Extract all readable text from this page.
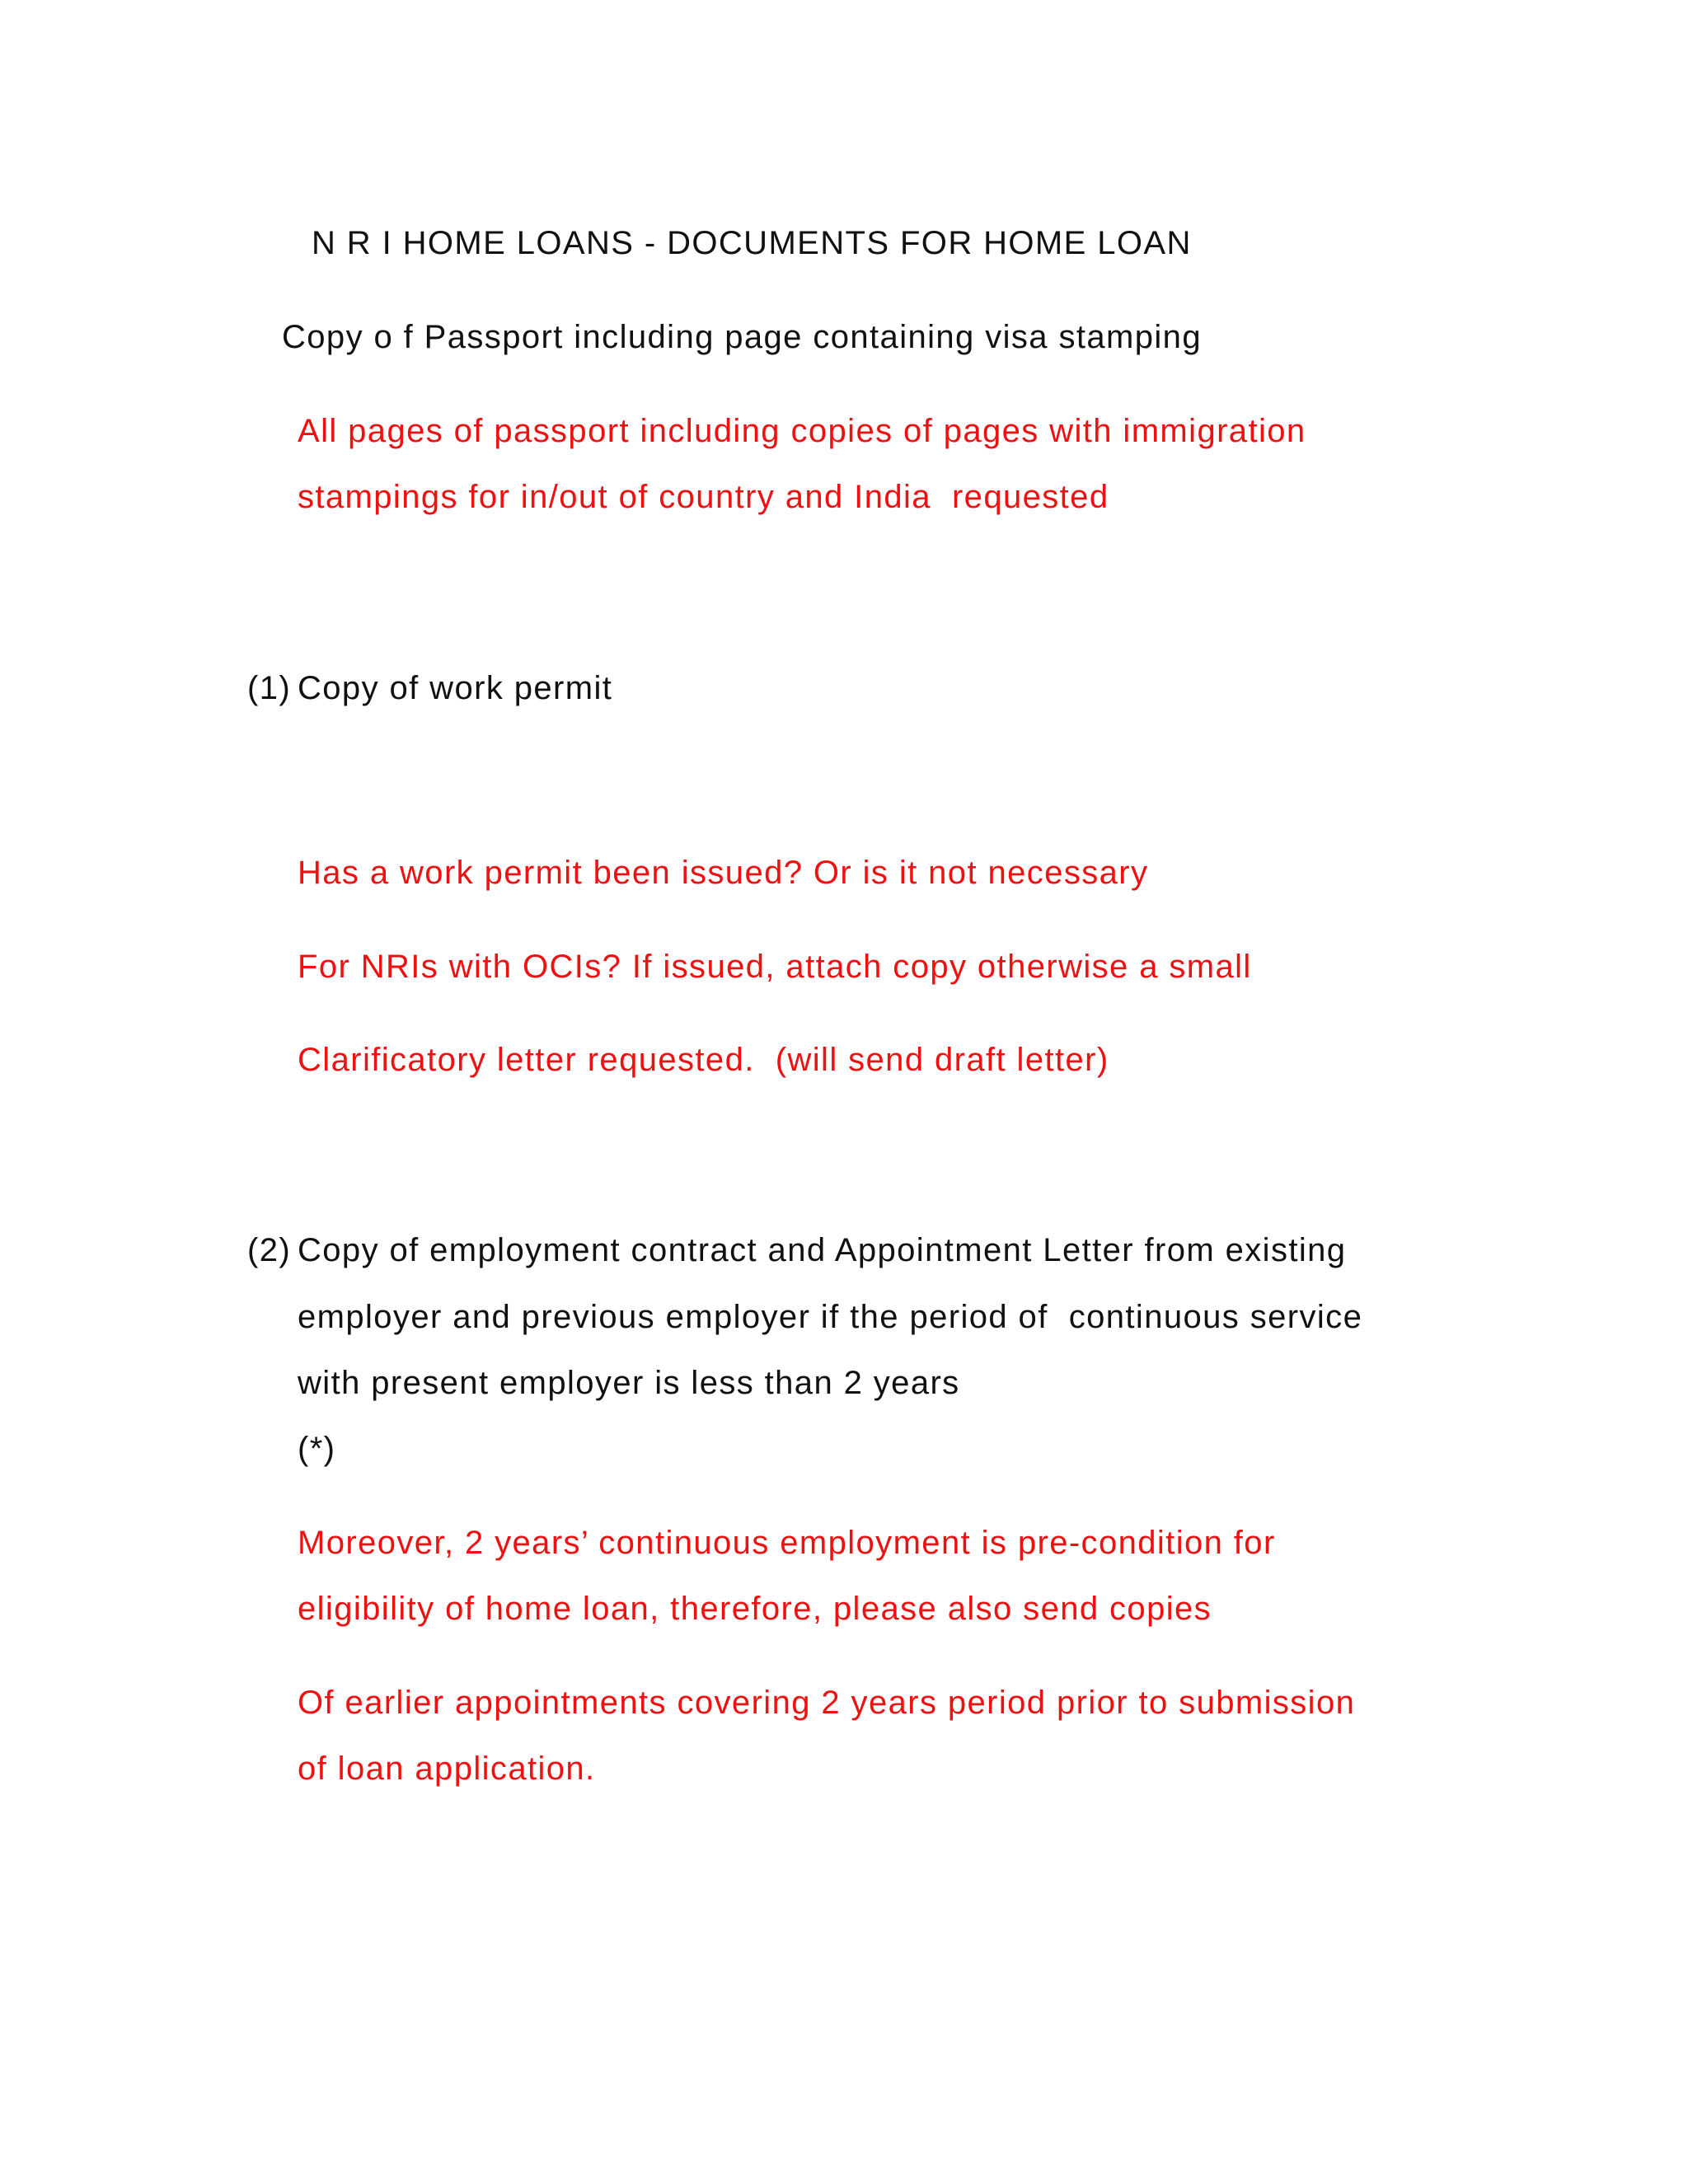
N R I HOME LOANS - DOCUMENTS FOR HOME LOAN

Copy o f Passport including page containing visa stamping

All pages of passport including copies of pages with immigration

stampings for in/out of country and India  requested

(1) Copy of work permit

Has a work permit been issued? Or is it not necessary

For NRIs with OCIs? If issued, attach copy otherwise a small

Clarificatory letter requested.  (will send draft letter)

(2) Copy of employment contract and Appointment Letter from existing

employer and previous employer if the period of  continuous service

with present employer is less than 2 years

(*)

Moreover, 2 years’ continuous employment is pre-condition for

eligibility of home loan, therefore, please also send copies

Of earlier appointments covering 2 years period prior to submission

of loan application.
